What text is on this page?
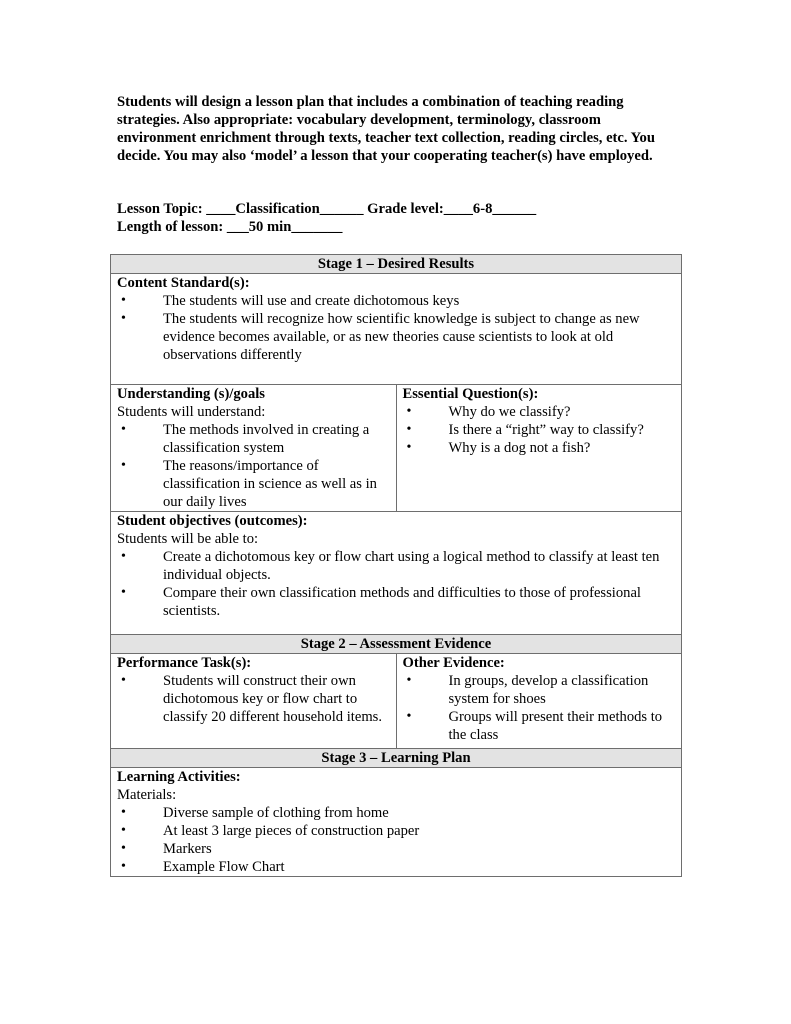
Students will design a lesson plan that includes a combination of teaching reading strategies. Also appropriate: vocabulary development, terminology, classroom environment enrichment through texts, teacher text collection, reading circles, etc. You decide. You may also ‘model’ a lesson that your cooperating teacher(s) have employed.
Lesson Topic: ____Classification______ Grade level:____6-8______
Length of lesson: ___50 min_______
Stage 1 – Desired Results	

Content Standard(s):
• The students will use and create dichotomous keys
• The students will recognize how scientific knowledge is subject to change as new evidence becomes available, or as new theories cause scientists to look at old observations differently

Understanding (s)/goals
Students will understand:
• The methods involved in creating a classification system
• The reasons/importance of classification in science as well as in our daily lives

Essential Question(s):
• Why do we classify?
• Is there a “right” way to classify?
• Why is a dog not a fish?

Student objectives (outcomes):
Students will be able to:
• Create a dichotomous key or flow chart using a logical method to classify at least ten individual objects.
• Compare their own classification methods and difficulties to those of professional scientists.

Stage 2 – Assessment Evidence	

Performance Task(s):
• Students will construct their own dichotomous key or flow chart to classify 20 different household items.

Other Evidence:
• In groups, develop a classification system for shoes
• Groups will present their methods to the class

Stage 3 – Learning Plan	

Learning Activities:
Materials:
• Diverse sample of clothing from home
• At least 3 large pieces of construction paper
• Markers
• Example Flow Chart
